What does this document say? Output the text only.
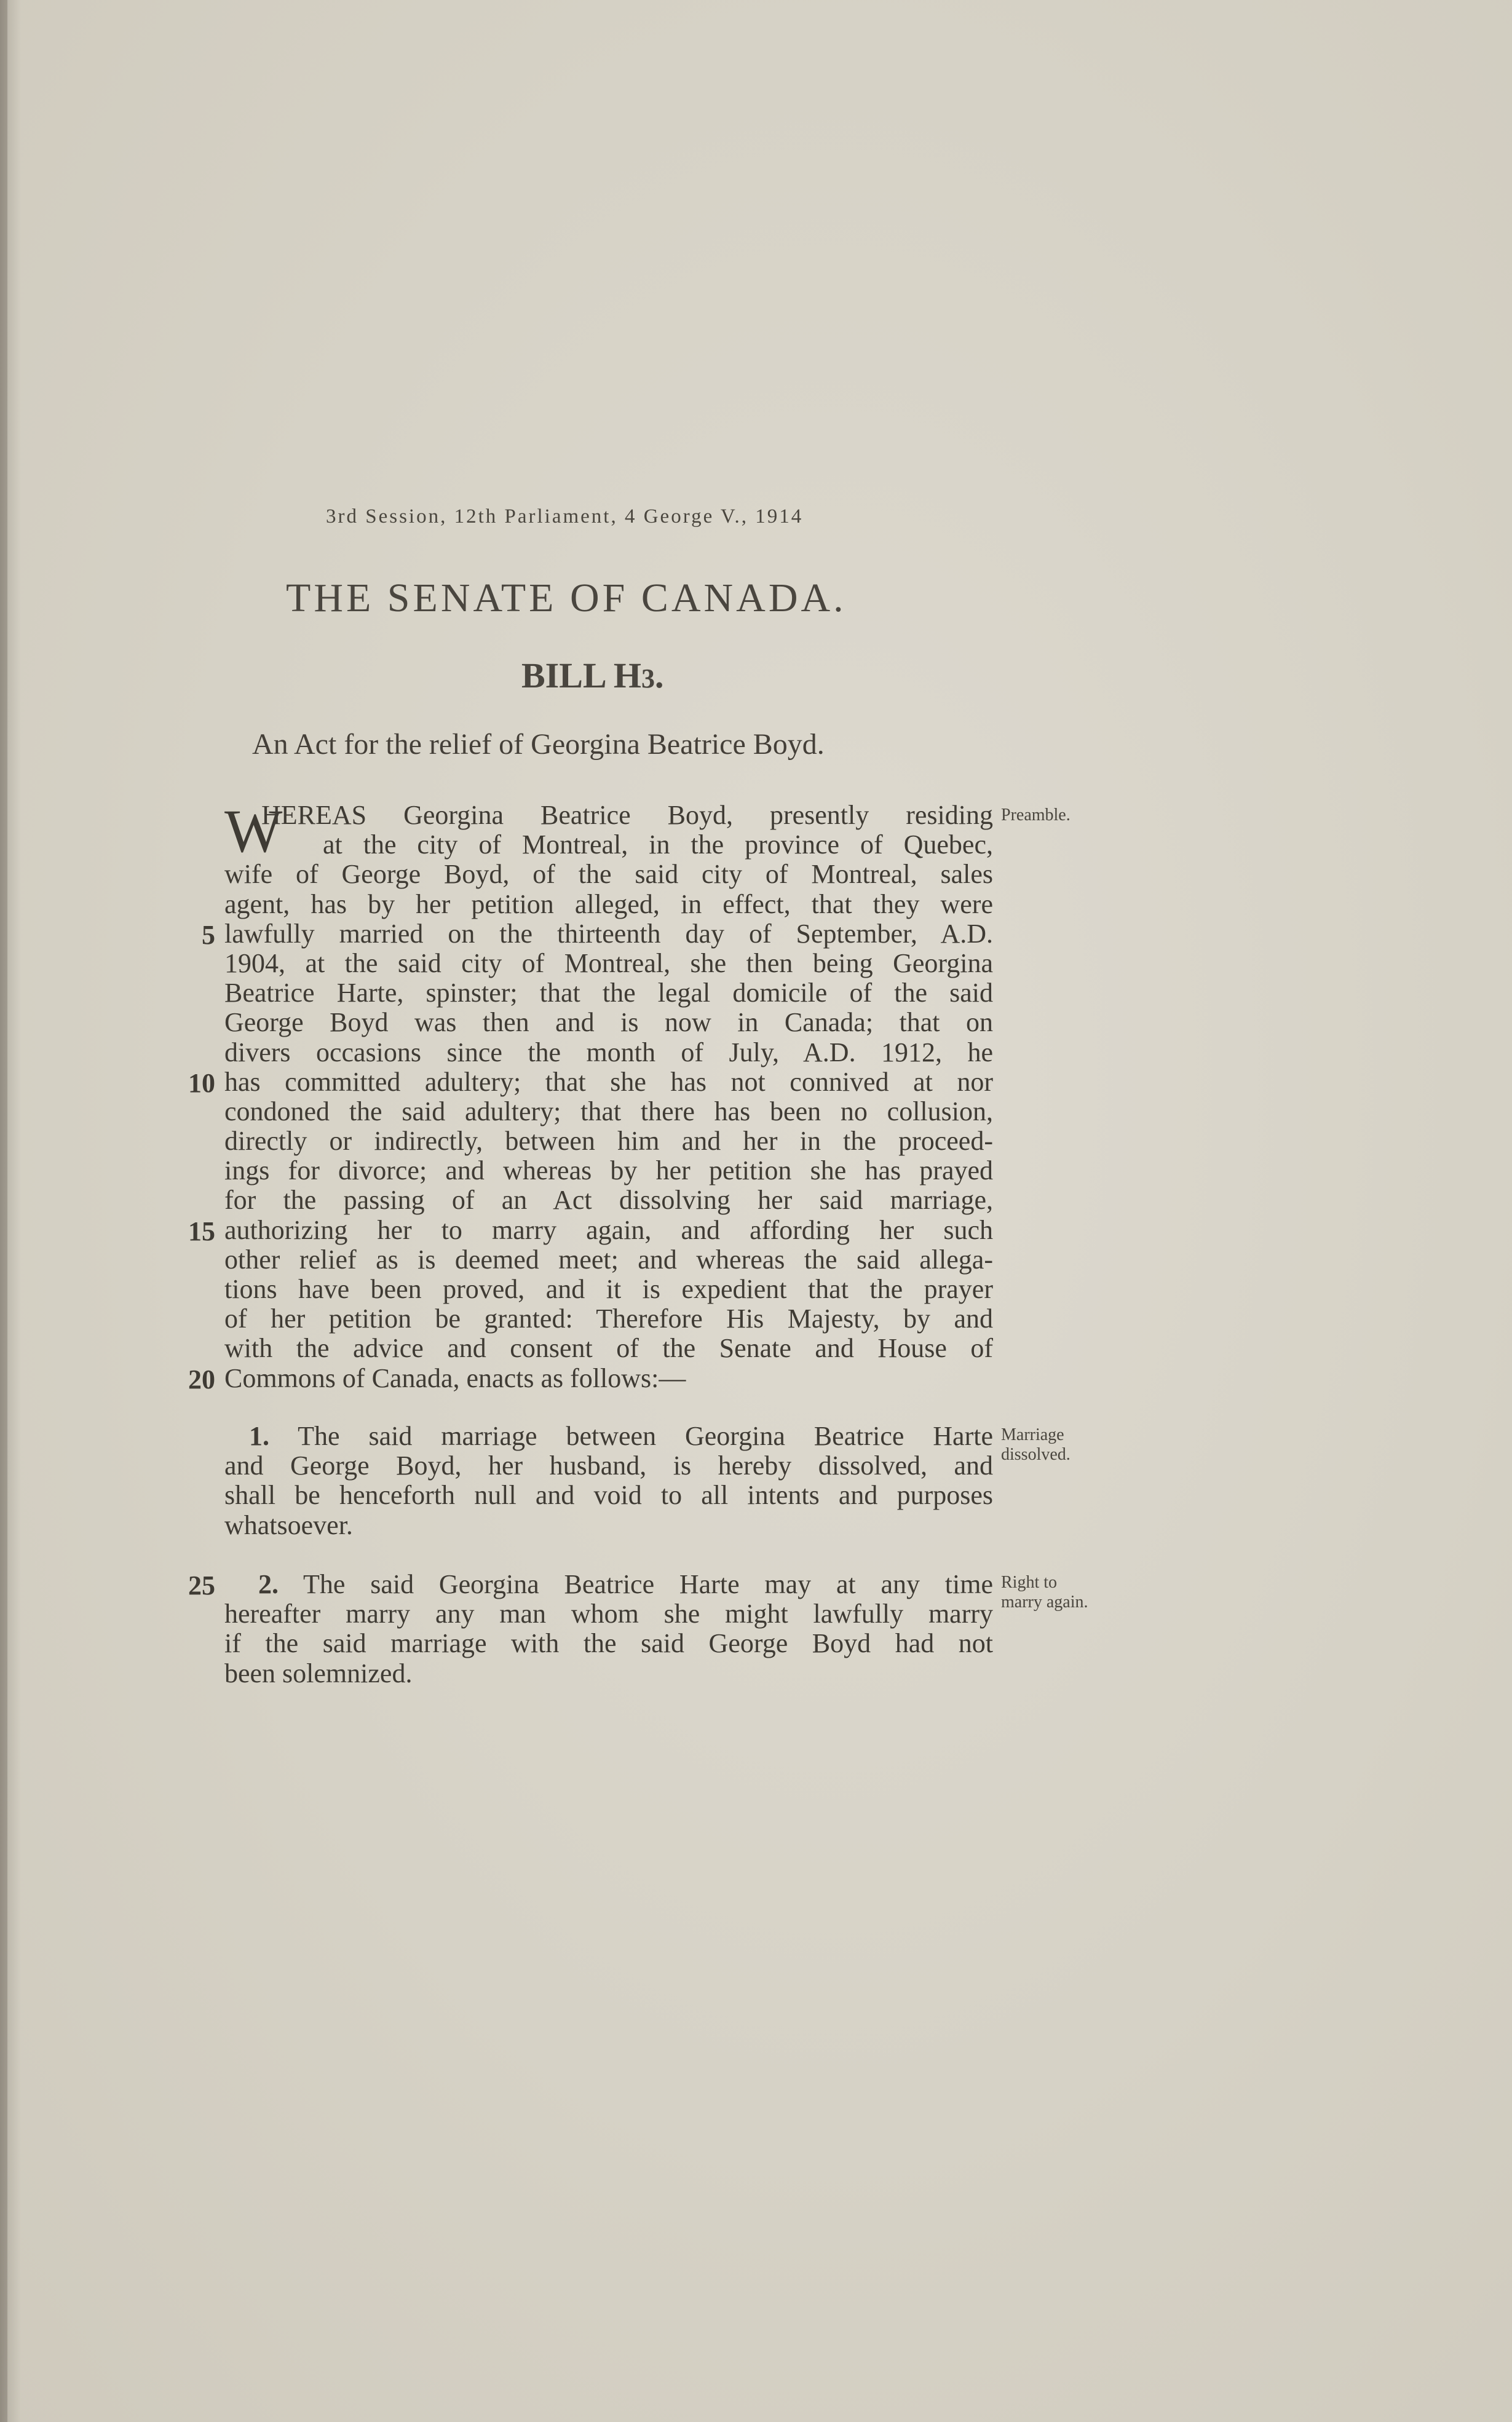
3rd Session, 12th Parliament, 4 George V., 1914
THE SENATE OF CANADA.
BILL H3.
An Act for the relief of Georgina Beatrice Boyd.
W	Preamble.
HEREAS Georgina Beatrice Boyd, presently residing
at the city of Montreal, in the province of Quebec,
wife of George Boyd, of the said city of Montreal, sales
agent, has by her petition alleged, in effect, that they were
lawfully married on the thirteenth day of September, A.D.
1904, at the said city of Montreal, she then being Georgina
Beatrice Harte, spinster; that the legal domicile of the said
George Boyd was then and is now in Canada; that on
divers occasions since the month of July, A.D. 1912, he
has committed adultery; that she has not connived at nor
condoned the said adultery; that there has been no collusion,
directly or indirectly, between him and her in the proceed-
ings for divorce; and whereas by her petition she has prayed
for the passing of an Act dissolving her said marriage,
authorizing her to marry again, and affording her such
other relief as is deemed meet; and whereas the said allega-
tions have been proved, and it is expedient that the prayer
of her petition be granted: Therefore His Majesty, by and
with the advice and consent of the Senate and House of
Commons of Canada, enacts as follows:—
5
10
15
20
25
Marriage
dissolved.
1. The said marriage between Georgina Beatrice Harte
and George Boyd, her husband, is hereby dissolved, and
shall be henceforth null and void to all intents and purposes
whatsoever.
Right to
marry again.
2. The said Georgina Beatrice Harte may at any time
hereafter marry any man whom she might lawfully marry
if the said marriage with the said George Boyd had not
been solemnized.
